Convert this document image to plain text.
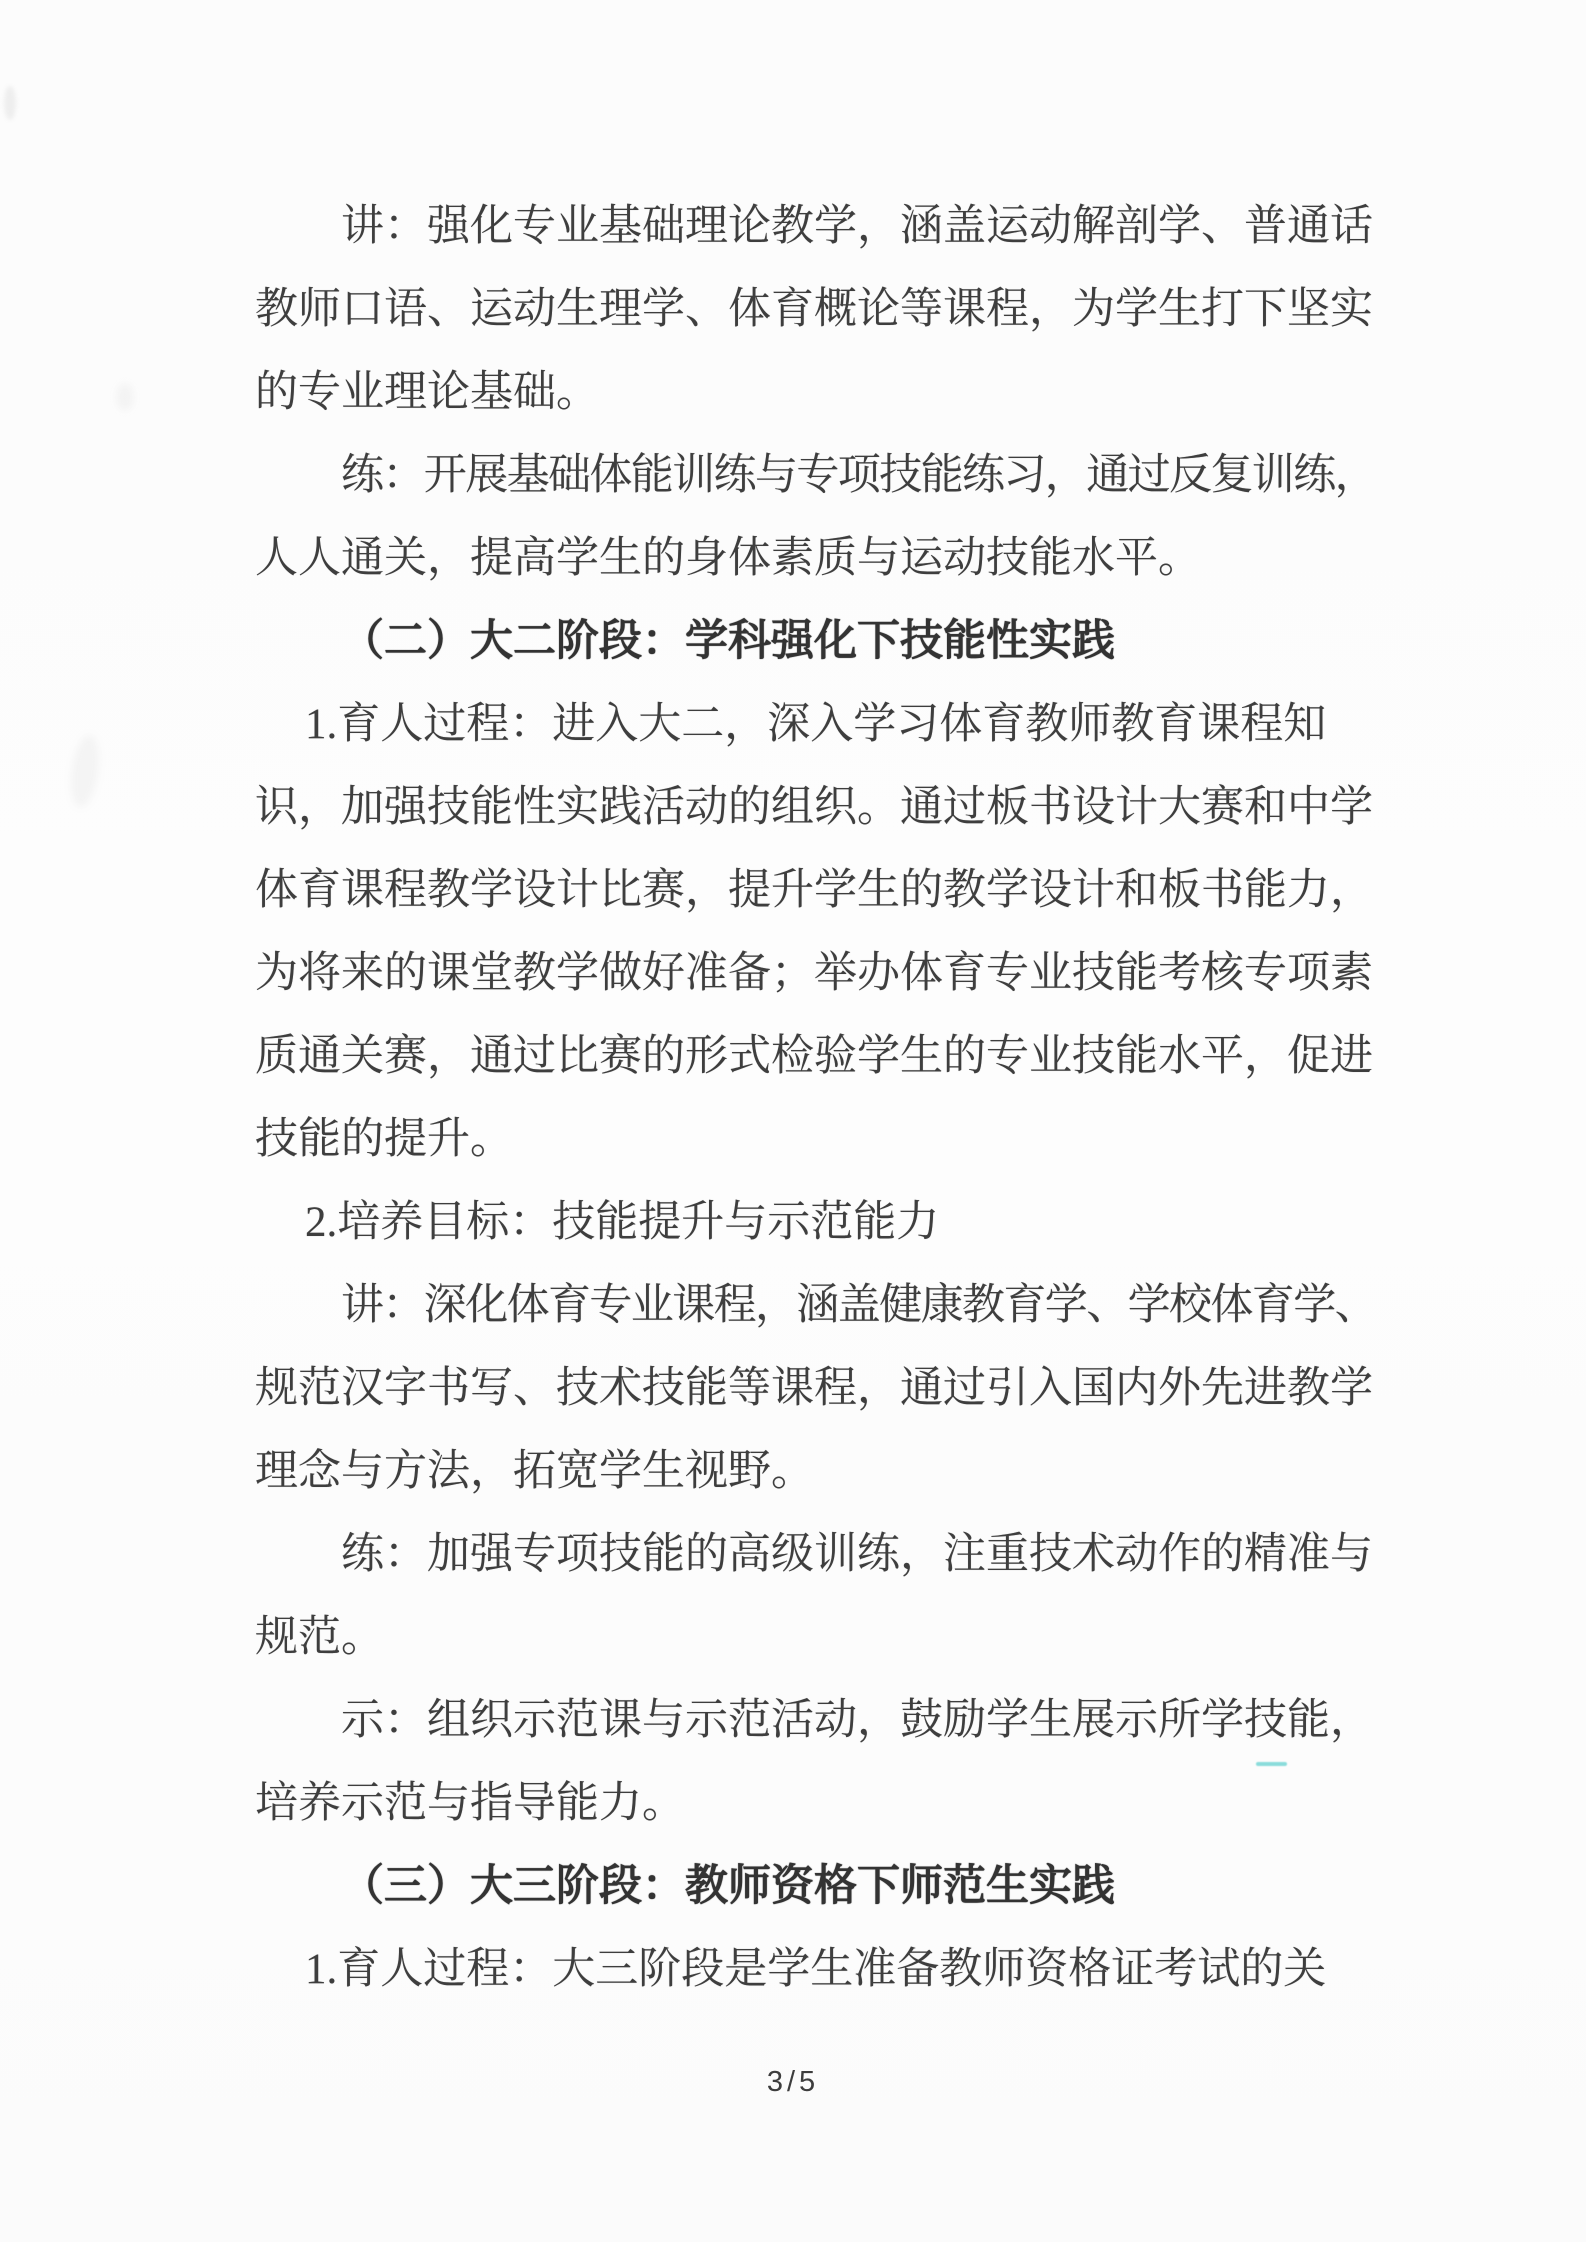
讲：强化专业基础理论教学，涵盖运动解剖学、普通话
教师口语、运动生理学、体育概论等课程，为学生打下坚实
的专业理论基础。
练：开展基础体能训练与专项技能练习，通过反复训练，
人人通关，提高学生的身体素质与运动技能水平。
（二）大二阶段：学科强化下技能性实践
1.育人过程：进入大二，深入学习体育教师教育课程知
识，加强技能性实践活动的组织。通过板书设计大赛和中学
体育课程教学设计比赛，提升学生的教学设计和板书能力，
为将来的课堂教学做好准备；举办体育专业技能考核专项素
质通关赛，通过比赛的形式检验学生的专业技能水平，促进
技能的提升。
2.培养目标：技能提升与示范能力
讲：深化体育专业课程，涵盖健康教育学、学校体育学、
规范汉字书写、技术技能等课程，通过引入国内外先进教学
理念与方法，拓宽学生视野。
练：加强专项技能的高级训练，注重技术动作的精准与
规范。
示：组织示范课与示范活动，鼓励学生展示所学技能，
培养示范与指导能力。
（三）大三阶段：教师资格下师范生实践
1.育人过程：大三阶段是学生准备教师资格证考试的关
3/5
